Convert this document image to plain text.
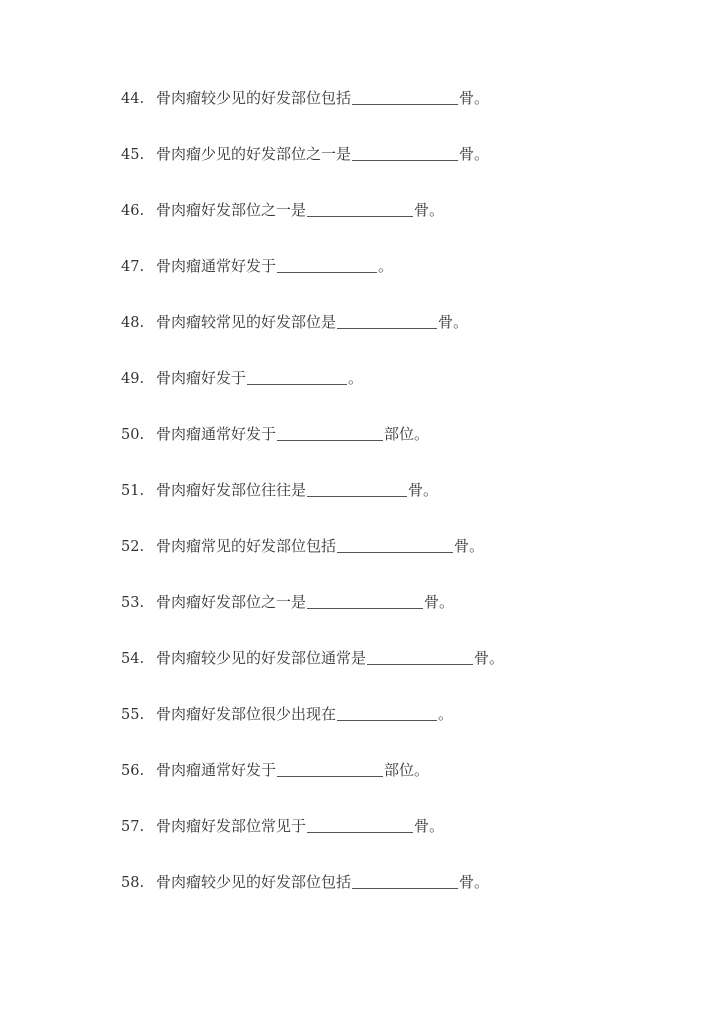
44. 骨肉瘤较少见的好发部位包括	骨。
45. 骨肉瘤少见的好发部位之一是	骨。
46. 骨肉瘤好发部位之一是	骨。
47. 骨肉瘤通常好发于	。
48. 骨肉瘤较常见的好发部位是	骨。
49. 骨肉瘤好发于	。
50. 骨肉瘤通常好发于	部位。
51. 骨肉瘤好发部位往往是	骨。
52. 骨肉瘤常见的好发部位包括	骨。
53. 骨肉瘤好发部位之一是	骨。
54. 骨肉瘤较少见的好发部位通常是	骨。
55. 骨肉瘤好发部位很少出现在	。
56. 骨肉瘤通常好发于	部位。
57. 骨肉瘤好发部位常见于	骨。
58. 骨肉瘤较少见的好发部位包括	骨。
